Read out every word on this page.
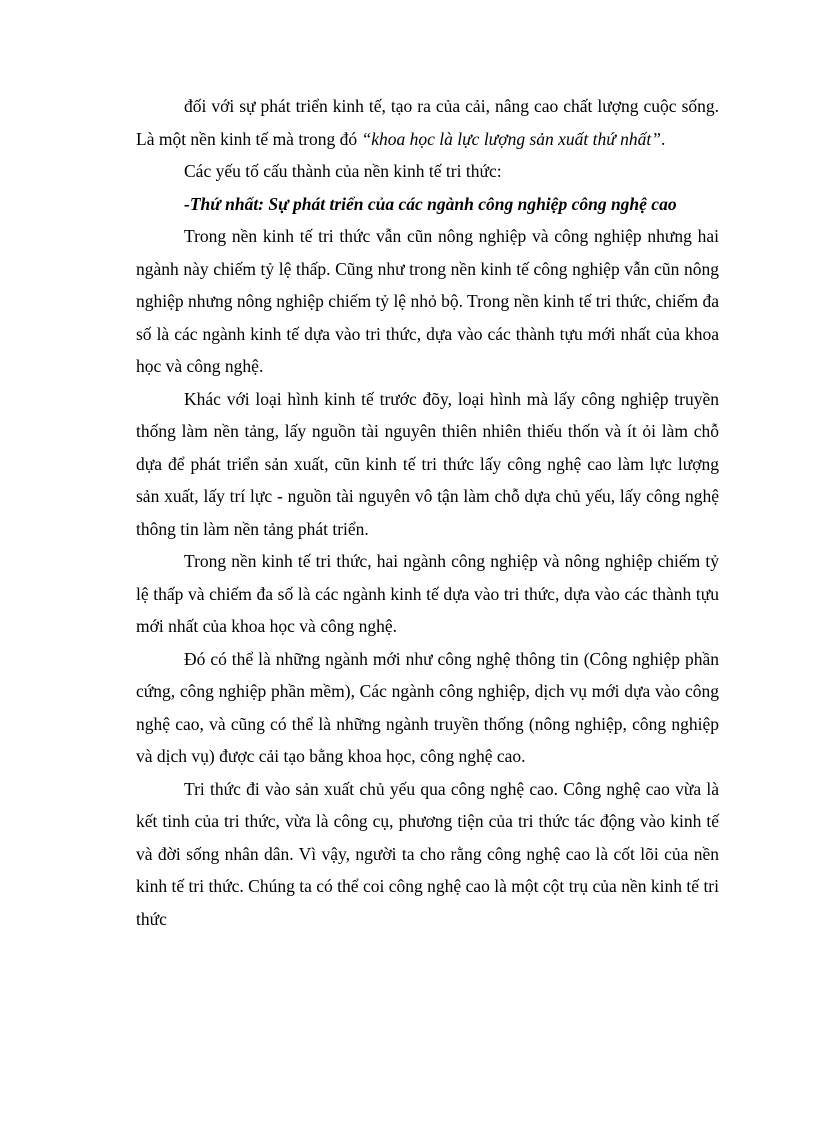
đối với sự phát triển kinh tế, tạo ra của cải, nâng cao chất lượng cuộc sống. Là một nền kinh tế mà trong đó “khoa học là lực lượng sản xuất thứ nhất”.

Các yếu tố cấu thành của nền kinh tế tri thức:

-Thứ nhất: Sự phát triển của các ngành công nghiệp công nghệ cao

Trong nền kinh tế tri thức vẫn cũn nông nghiệp và công nghiệp nhưng hai ngành này chiếm tỷ lệ thấp. Cũng như trong nền kinh tế công nghiệp vẫn cũn nông nghiệp nhưng nông nghiệp chiếm tỷ lệ nhỏ bộ. Trong nền kinh tế tri thức, chiếm đa số là các ngành kinh tế dựa vào tri thức, dựa vào các thành tựu mới nhất của khoa học và công nghệ.

Khác với loại hình kinh tế trước đõy, loại hình mà lấy công nghiệp truyền thống làm nền tảng, lấy nguồn tài nguyên thiên nhiên thiếu thốn và ít ỏi làm chỗ dựa để phát triển sản xuất, cũn kinh tế tri thức lấy công nghệ cao làm lực lượng sản xuất, lấy trí lực - nguồn tài nguyên vô tận làm chỗ dựa chủ yếu, lấy công nghệ thông tin làm nền tảng phát triển.

Trong nền kinh tế tri thức, hai ngành công nghiệp và nông nghiệp chiếm tỷ lệ thấp và chiếm đa số là các ngành kinh tế dựa vào tri thức, dựa vào các thành tựu mới nhất của khoa học và công nghệ.

Đó có thể là những ngành mới như công nghệ thông tin (Công nghiệp phần cứng, công nghiệp phần mềm), Các ngành công nghiệp, dịch vụ mới dựa vào công nghệ cao, và cũng có thể là những ngành truyền thống (nông nghiệp, công nghiệp và dịch vụ) được cải tạo bằng khoa học, công nghệ cao.

Tri thức đi vào sản xuất chủ yếu qua công nghệ cao. Công nghệ cao vừa là kết tinh của tri thức, vừa là công cụ, phương tiện của tri thức tác động vào kinh tế và đời sống nhân dân. Vì vậy, người ta cho rằng công nghệ cao là cốt lõi của nền kinh tế tri thức. Chúng ta có thể coi công nghệ cao là một cột trụ của nền kinh tế tri thức
